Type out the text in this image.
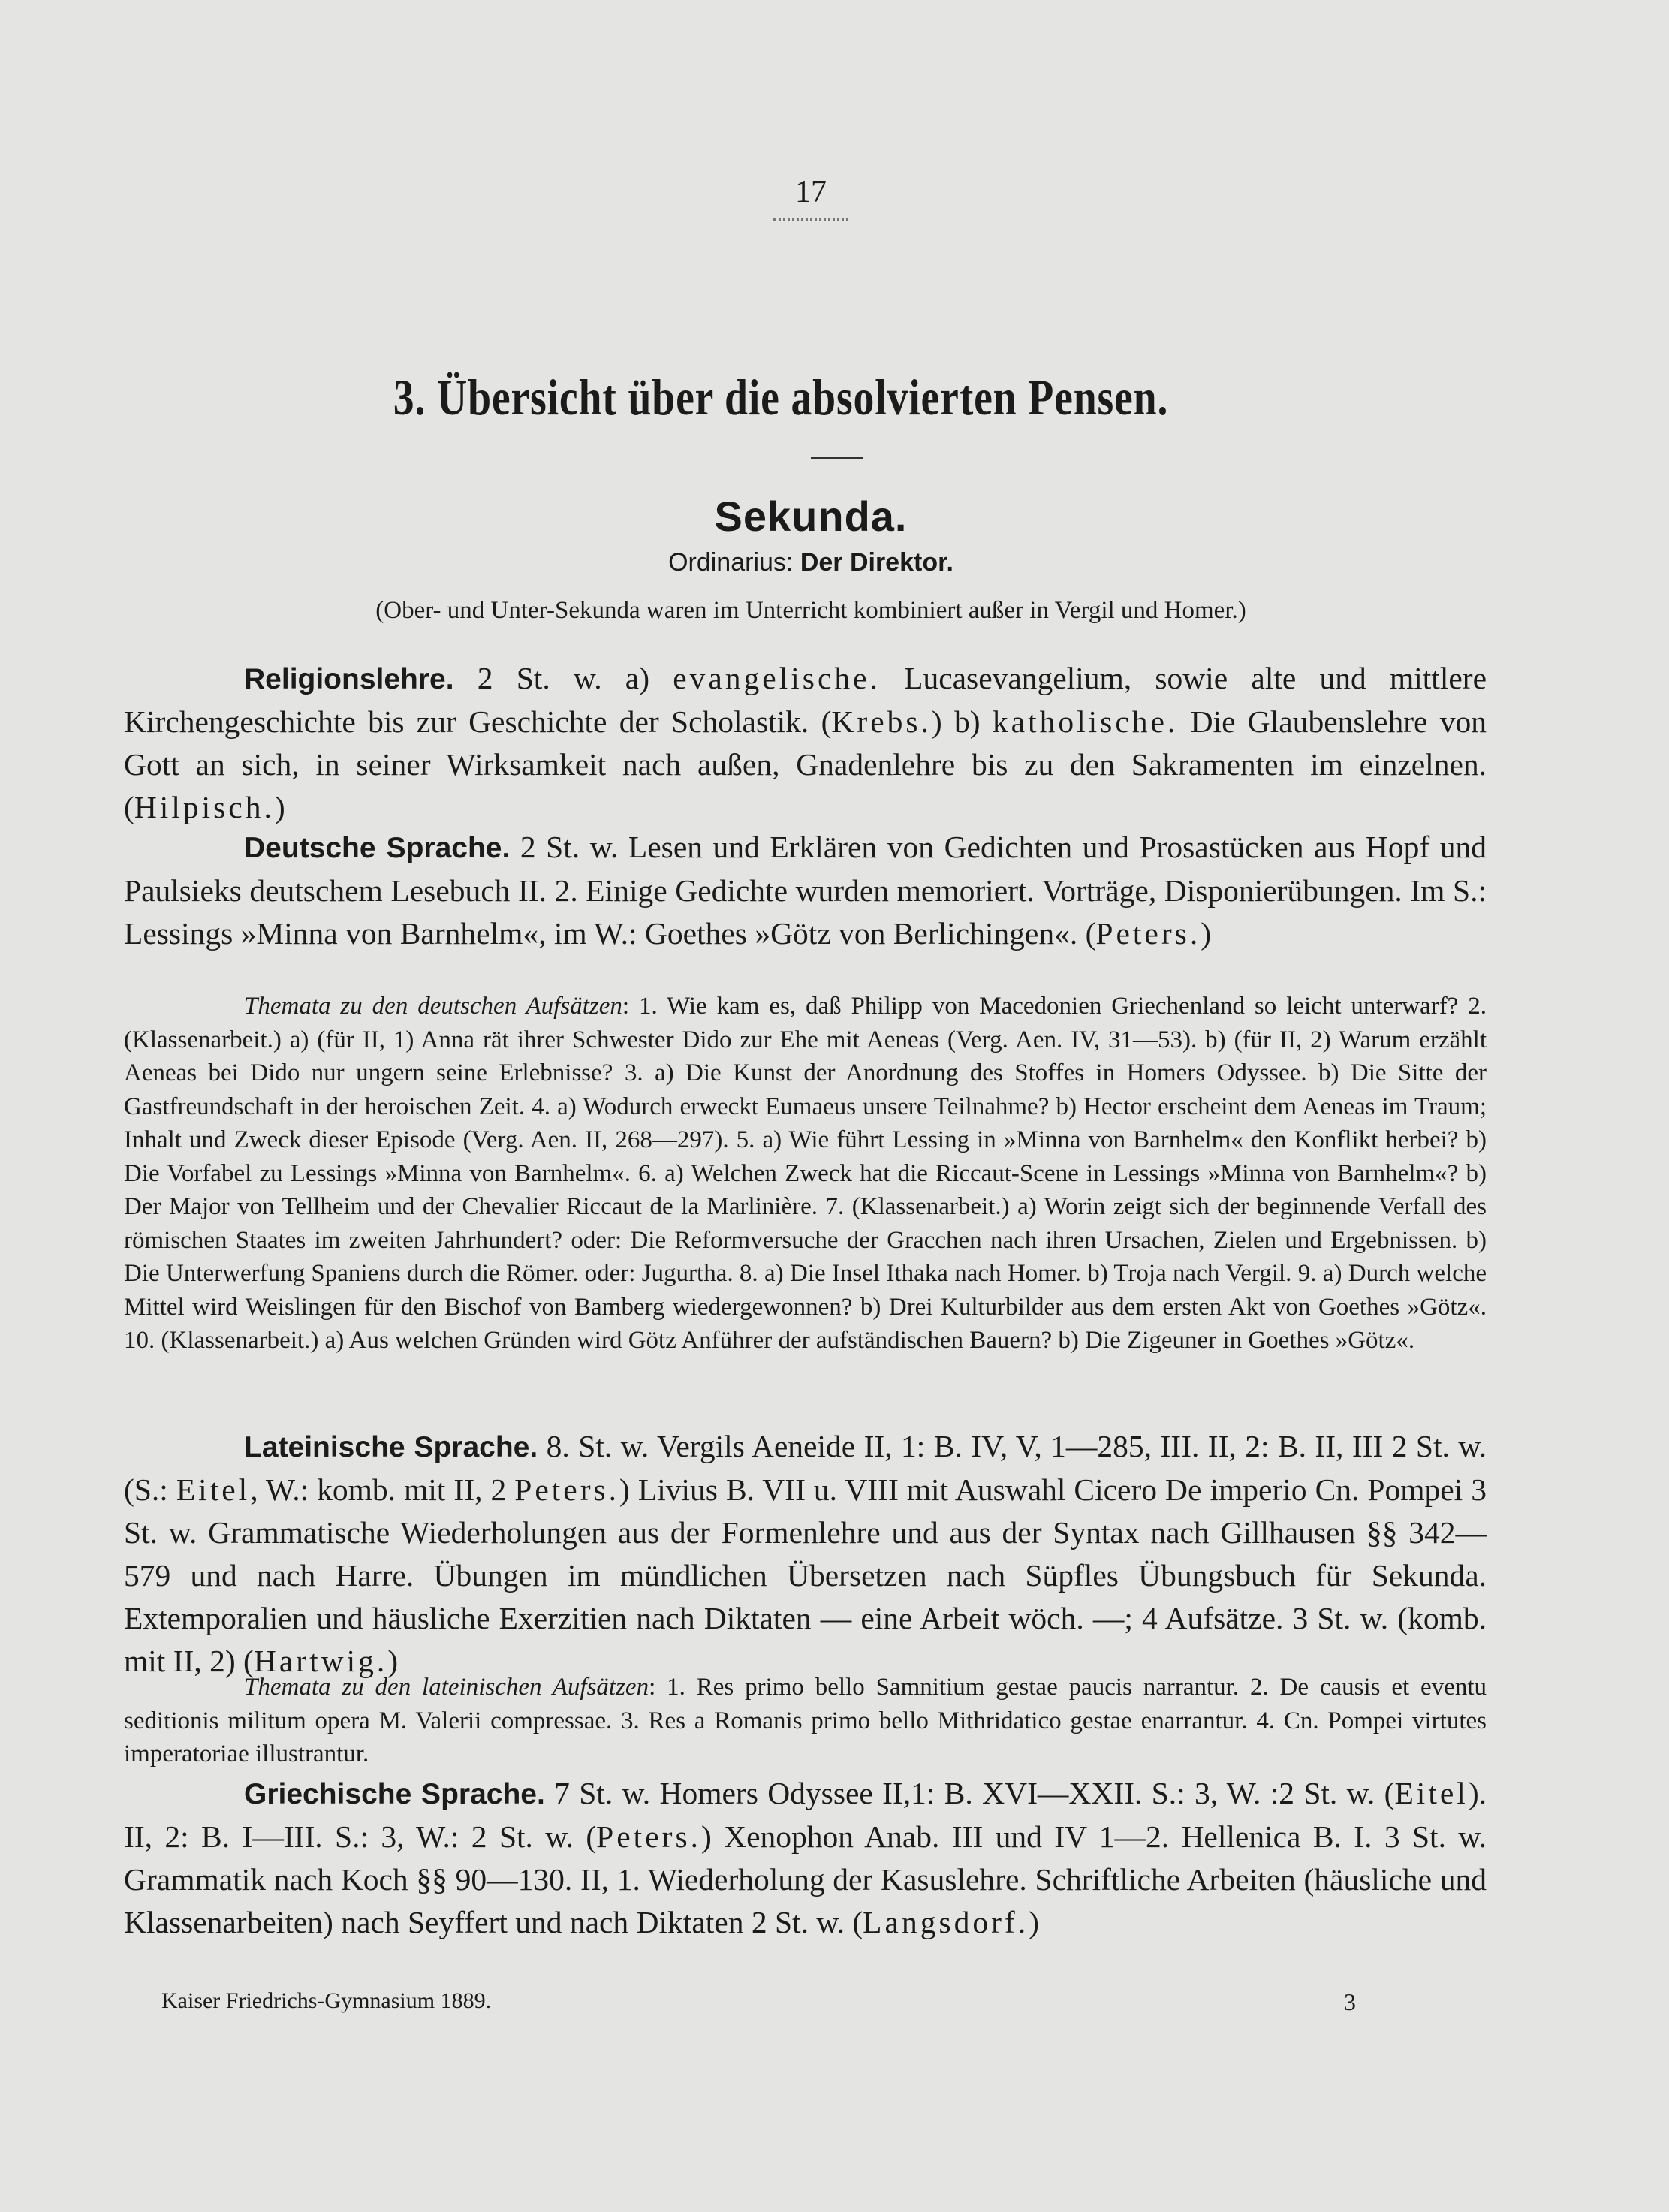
17
3. Übersicht über die absolvierten Pensen.
Sekunda.
Ordinarius: Der Direktor.
(Ober- und Unter-Sekunda waren im Unterricht kombiniert außer in Vergil und Homer.)

Religionslehre. 2 St. w. a) evangelische. Lucasevangelium, sowie alte und mittlere Kirchengeschichte bis zur Geschichte der Scholastik. (Krebs.) b) katholische. Die Glaubenslehre von Gott an sich, in seiner Wirksamkeit nach außen, Gnadenlehre bis zu den Sakramenten im einzelnen. (Hilpisch.)

Deutsche Sprache. 2 St. w. Lesen und Erklären von Gedichten und Prosastücken aus Hopf und Paulsieks deutschem Lesebuch II. 2. Einige Gedichte wurden memoriert. Vorträge, Disponierübungen. Im S.: Lessings »Minna von Barnhelm«, im W.: Goethes »Götz von Berlichingen«. (Peters.)

Themata zu den deutschen Aufsätzen: 1. Wie kam es, daß Philipp von Macedonien Griechenland so leicht unterwarf? 2. (Klassenarbeit.) a) (für II, 1) Anna rät ihrer Schwester Dido zur Ehe mit Aeneas (Verg. Aen. IV, 31—53). b) (für II, 2) Warum erzählt Aeneas bei Dido nur ungern seine Erlebnisse? 3. a) Die Kunst der Anordnung des Stoffes in Homers Odyssee. b) Die Sitte der Gastfreundschaft in der heroischen Zeit. 4. a) Wodurch erweckt Eumaeus unsere Teilnahme? b) Hector erscheint dem Aeneas im Traum; Inhalt und Zweck dieser Episode (Verg. Aen. II, 268—297). 5. a) Wie führt Lessing in »Minna von Barnhelm« den Konflikt herbei? b) Die Vorfabel zu Lessings »Minna von Barnhelm«. 6. a) Welchen Zweck hat die Riccaut-Scene in Lessings »Minna von Barnhelm«? b) Der Major von Tellheim und der Chevalier Riccaut de la Marlinière. 7. (Klassenarbeit.) a) Worin zeigt sich der beginnende Verfall des römischen Staates im zweiten Jahrhundert? oder: Die Reformversuche der Gracchen nach ihren Ursachen, Zielen und Ergebnissen. b) Die Unterwerfung Spaniens durch die Römer. oder: Jugurtha. 8. a) Die Insel Ithaka nach Homer. b) Troja nach Vergil. 9. a) Durch welche Mittel wird Weislingen für den Bischof von Bamberg wiedergewonnen? b) Drei Kulturbilder aus dem ersten Akt von Goethes »Götz«. 10. (Klassenarbeit.) a) Aus welchen Gründen wird Götz Anführer der aufständischen Bauern? b) Die Zigeuner in Goethes »Götz«.

Lateinische Sprache. 8. St. w. Vergils Aeneide II, 1: B. IV, V, 1—285, III. II, 2: B. II, III 2 St. w. (S.: Eitel, W.: komb. mit II, 2 Peters.) Livius B. VII u. VIII mit Auswahl Cicero De imperio Cn. Pompei 3 St. w. Grammatische Wiederholungen aus der Formenlehre und aus der Syntax nach Gillhausen §§ 342—579 und nach Harre. Übungen im mündlichen Übersetzen nach Süpfles Übungsbuch für Sekunda. Extemporalien und häusliche Exerzitien nach Diktaten — eine Arbeit wöch. —; 4 Aufsätze. 3 St. w. (komb. mit II, 2) (Hartwig.)

Themata zu den lateinischen Aufsätzen: 1. Res primo bello Samnitium gestae paucis narrantur. 2. De causis et eventu seditionis militum opera M. Valerii compressae. 3. Res a Romanis primo bello Mithridatico gestae enarrantur. 4. Cn. Pompei virtutes imperatoriae illustrantur.

Griechische Sprache. 7 St. w. Homers Odyssee II,1: B. XVI—XXII. S.: 3, W. :2 St. w. (Eitel). II, 2: B. I—III. S.: 3, W.: 2 St. w. (Peters.) Xenophon Anab. III und IV 1—2. Hellenica B. I. 3 St. w. Grammatik nach Koch §§ 90—130. II, 1. Wiederholung der Kasuslehre. Schriftliche Arbeiten (häusliche und Klassenarbeiten) nach Seyffert und nach Diktaten 2 St. w. (Langsdorf.)

Kaiser Friedrichs-Gymnasium 1889.	3
